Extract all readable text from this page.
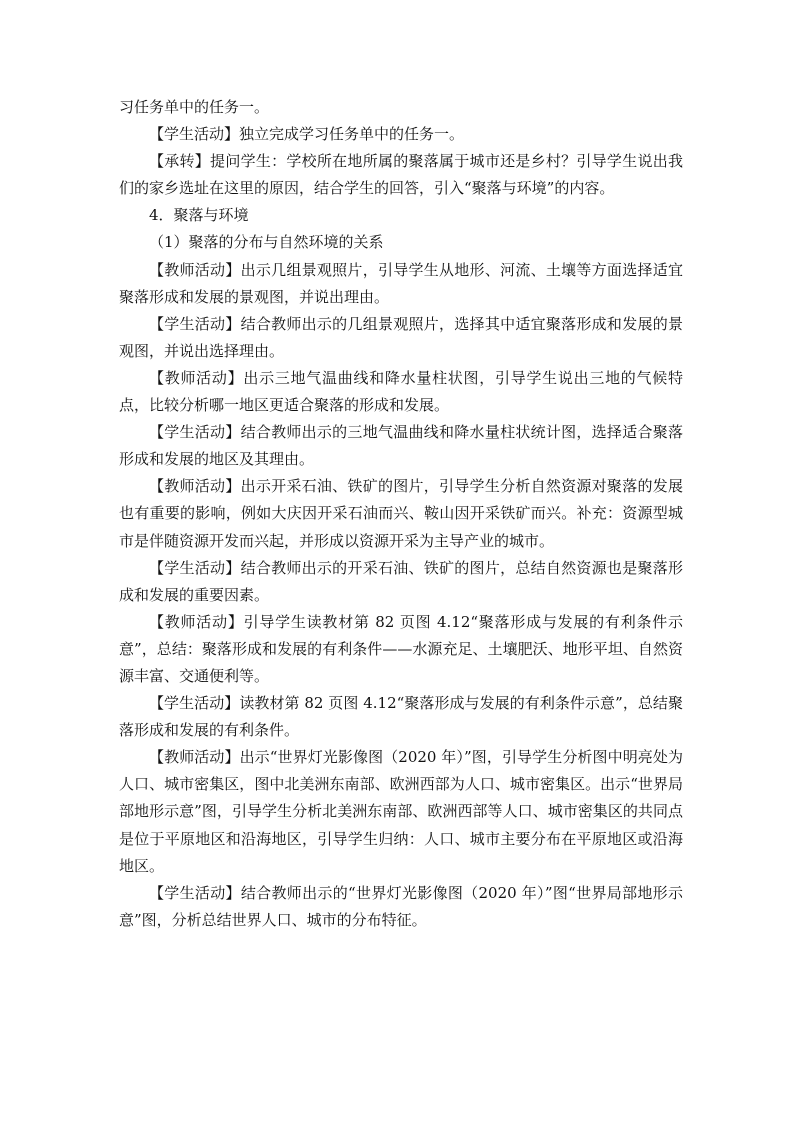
习任务单中的任务一。

【学生活动】独立完成学习任务单中的任务一。

【承转】提问学生：学校所在地所属的聚落属于城市还是乡村？引导学生说出我们的家乡选址在这里的原因，结合学生的回答，引入“聚落与环境”的内容。

4．聚落与环境

（1）聚落的分布与自然环境的关系

【教师活动】出示几组景观照片，引导学生从地形、河流、土壤等方面选择适宜聚落形成和发展的景观图，并说出理由。

【学生活动】结合教师出示的几组景观照片，选择其中适宜聚落形成和发展的景观图，并说出选择理由。

【教师活动】出示三地气温曲线和降水量柱状图，引导学生说出三地的气候特点，比较分析哪一地区更适合聚落的形成和发展。

【学生活动】结合教师出示的三地气温曲线和降水量柱状统计图，选择适合聚落形成和发展的地区及其理由。

【教师活动】出示开采石油、铁矿的图片，引导学生分析自然资源对聚落的发展也有重要的影响，例如大庆因开采石油而兴、鞍山因开采铁矿而兴。补充：资源型城市是伴随资源开发而兴起，并形成以资源开采为主导产业的城市。

【学生活动】结合教师出示的开采石油、铁矿的图片，总结自然资源也是聚落形成和发展的重要因素。

【教师活动】引导学生读教材第 82 页图 4.12“聚落形成与发展的有利条件示意”，总结：聚落形成和发展的有利条件——水源充足、土壤肥沃、地形平坦、自然资源丰富、交通便利等。

【学生活动】读教材第 82 页图 4.12“聚落形成与发展的有利条件示意”，总结聚落形成和发展的有利条件。

【教师活动】出示“世界灯光影像图（2020 年）”图，引导学生分析图中明亮处为人口、城市密集区，图中北美洲东南部、欧洲西部为人口、城市密集区。出示“世界局部地形示意”图，引导学生分析北美洲东南部、欧洲西部等人口、城市密集区的共同点是位于平原地区和沿海地区，引导学生归纳：人口、城市主要分布在平原地区或沿海地区。

【学生活动】结合教师出示的“世界灯光影像图（2020 年）”图“世界局部地形示意”图，分析总结世界人口、城市的分布特征。
